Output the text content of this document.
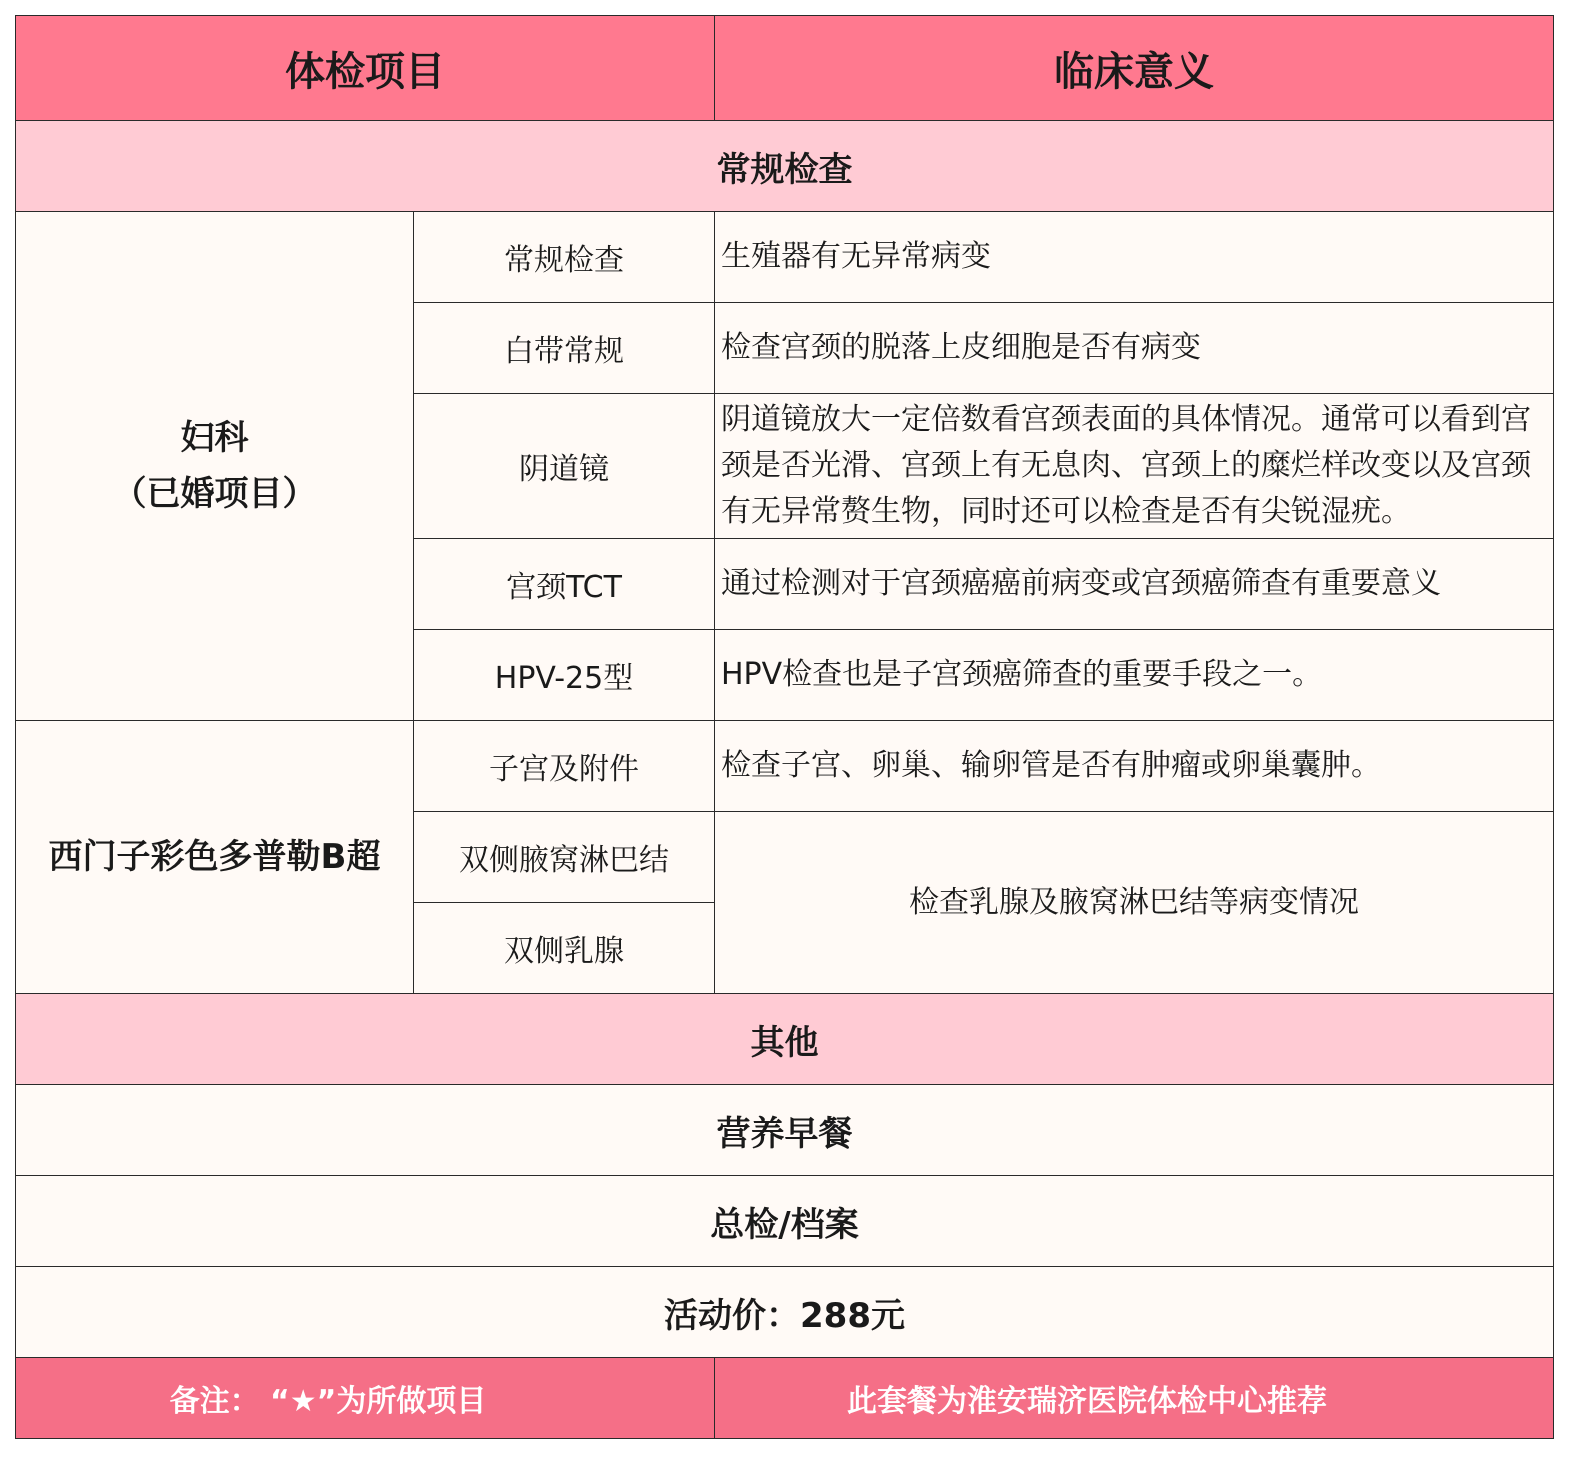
体检项目		临床意义
常规检查		

妇科
（已婚项目）	常规检查	生殖器有无异常病变
	白带常规	检查宫颈的脱落上皮细胞是否有病变
	阴道镜	阴道镜放大一定倍数看宫颈表面的具体情况。通常可以看到宫颈是否光滑、宫颈上有无息肉、宫颈上的糜烂样改变以及宫颈有无异常赘生物，同时还可以检查是否有尖锐湿疣。
	宫颈TCT	通过检测对于宫颈癌癌前病变或宫颈癌筛查有重要意义
	HPV-25型	HPV检查也是子宫颈癌筛查的重要手段之一。
西门子彩色多普勒B超	子宫及附件	检查子宫、卵巢、输卵管是否有肿瘤或卵巢囊肿。
	双侧腋窝淋巴结	检查乳腺及腋窝淋巴结等病变情况
	双侧乳腺	
其他		
营养早餐		
总检/档案		
活动价：288元		
备注： “★”为所做项目		此套餐为淮安瑞济医院体检中心推荐
